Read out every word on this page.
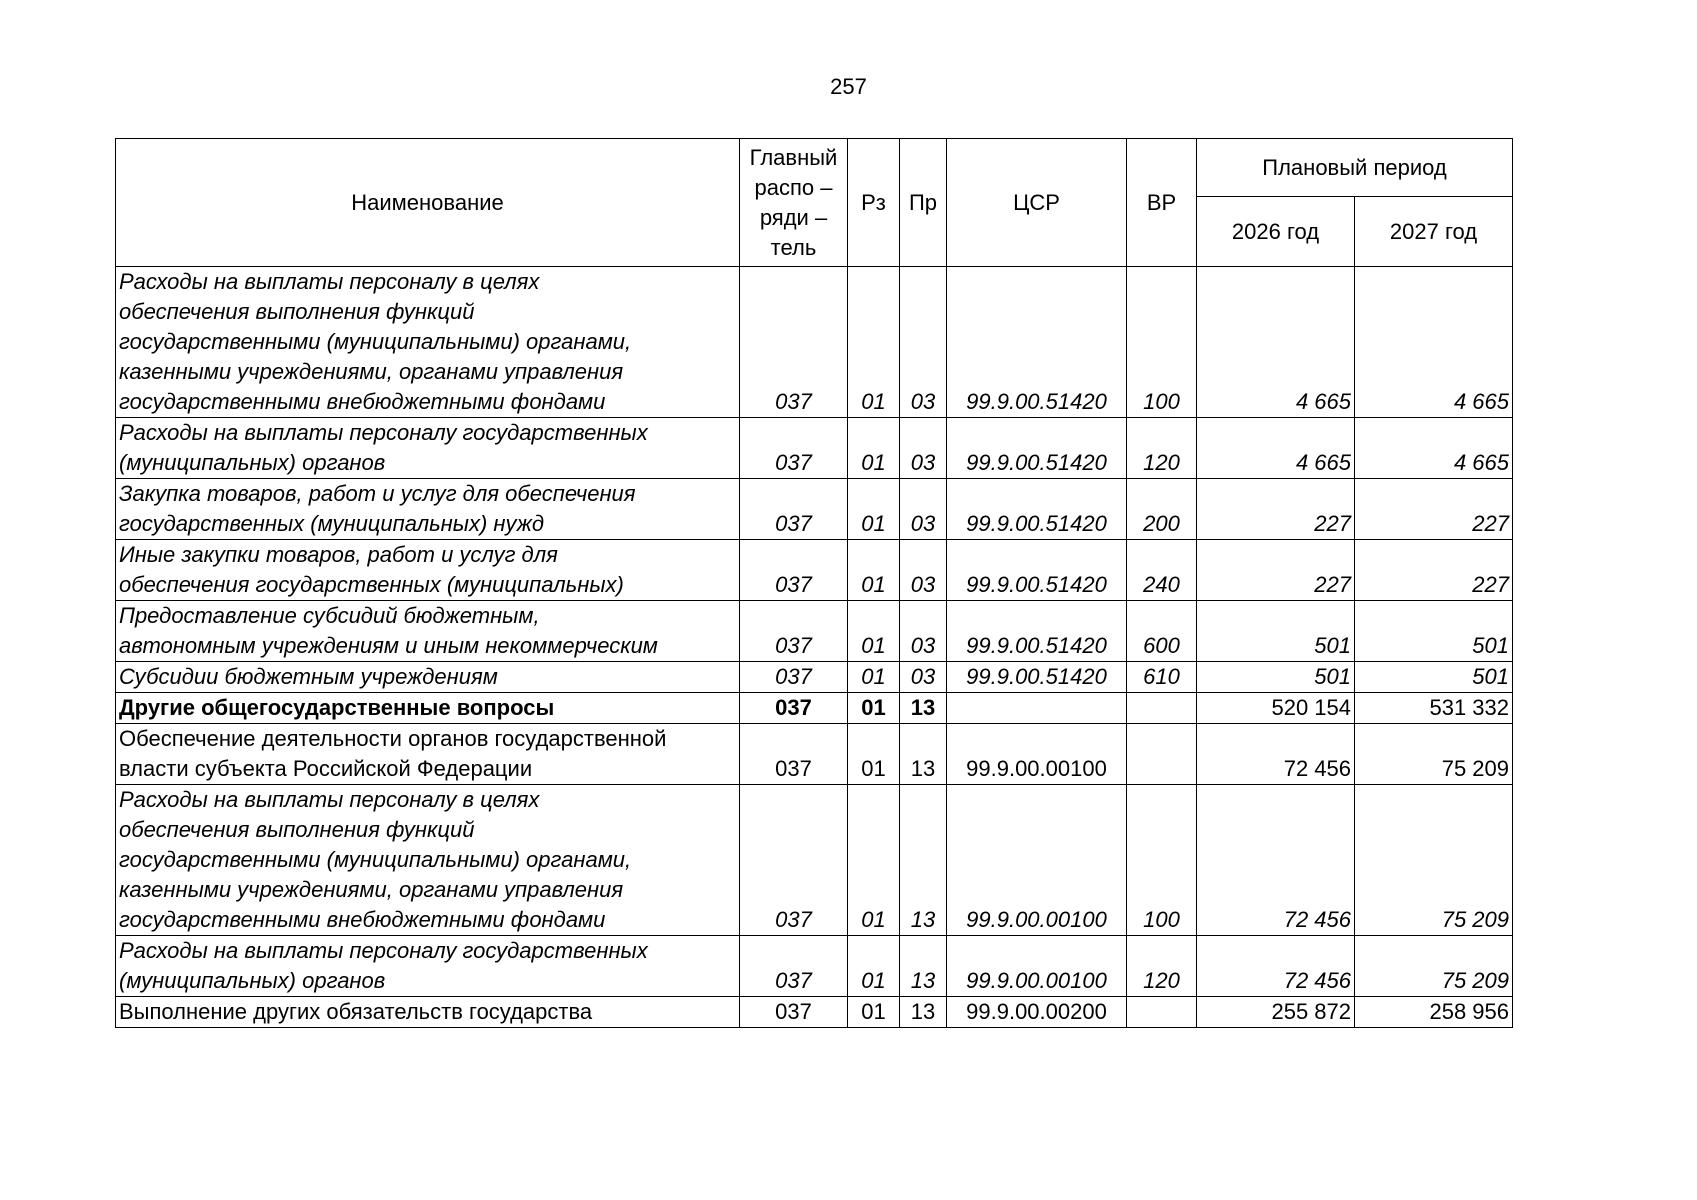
257
Наименование	Главный
распо –
ряди –
тель	Рз	Пр	ЦСР	ВР	Плановый период	
						2026 год	2027 год

Расходы на выплаты персоналу в целях
обеспечения выполнения функций
государственными (муниципальными) органами,
казенными учреждениями, органами управления
государственными внебюджетными фондами	037	01	03	99.9.00.51420	100	4 665	4 665

Расходы на выплаты персоналу государственных
(муниципальных) органов	037	01	03	99.9.00.51420	120	4 665	4 665

Закупка товаров, работ и услуг для обеспечения
государственных (муниципальных) нужд	037	01	03	99.9.00.51420	200	227	227

Иные закупки товаров, работ и услуг для
обеспечения государственных (муниципальных)	037	01	03	99.9.00.51420	240	227	227

Предоставление субсидий бюджетным,
автономным учреждениям и иным некоммерческим	037	01	03	99.9.00.51420	600	501	501

Субсидии бюджетным учреждениям	037	01	03	99.9.00.51420	610	501	501

Другие общегосударственные вопросы	037	01	13			520 154	531 332

Обеспечение деятельности органов государственной
власти субъекта Российской Федерации	037	01	13	99.9.00.00100		72 456	75 209

Расходы на выплаты персоналу в целях
обеспечения выполнения функций
государственными (муниципальными) органами,
казенными учреждениями, органами управления
государственными внебюджетными фондами	037	01	13	99.9.00.00100	100	72 456	75 209

Расходы на выплаты персоналу государственных
(муниципальных) органов	037	01	13	99.9.00.00100	120	72 456	75 209

Выполнение других обязательств государства	037	01	13	99.9.00.00200		255 872	258 956
